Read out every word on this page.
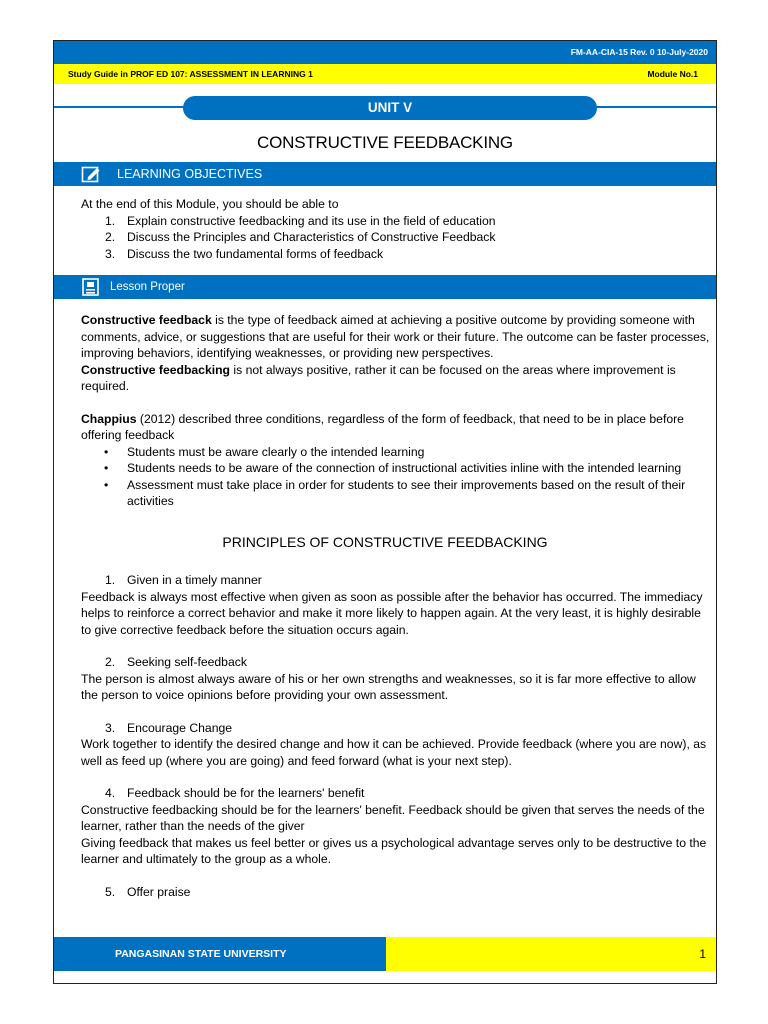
FM-AA-CIA-15 Rev. 0 10-July-2020
Study Guide in PROF ED 107: ASSESSMENT IN LEARNING 1	Module No.1
UNIT V
CONSTRUCTIVE FEEDBACKING
LEARNING OBJECTIVES

At the end of this Module, you should be able to

1. Explain constructive feedbacking and its use in the field of education
2. Discuss the Principles and Characteristics of Constructive Feedback
3. Discuss the two fundamental forms of feedback
Lesson Proper

Constructive feedback is the type of feedback aimed at achieving a positive outcome by providing someone with comments, advice, or suggestions that are useful for their work or their future. The outcome can be faster processes, improving behaviors, identifying weaknesses, or providing new perspectives.

Constructive feedbacking is not always positive, rather it can be focused on the areas where improvement is required.

Chappius (2012) described three conditions, regardless of the form of feedback, that need to be in place before offering feedback

• Students must be aware clearly o the intended learning
• Students needs to be aware of the connection of instructional activities inline with the intended learning
• Assessment must take place in order for students to see their improvements based on the result of their activities
PRINCIPLES OF CONSTRUCTIVE FEEDBACKING
1. Given in a timely manner

Feedback is always most effective when given as soon as possible after the behavior has occurred. The immediacy helps to reinforce a correct behavior and make it more likely to happen again. At the very least, it is highly desirable to give corrective feedback before the situation occurs again.

2. Seeking self-feedback

The person is almost always aware of his or her own strengths and weaknesses, so it is far more effective to allow the person to voice opinions before providing your own assessment.

3. Encourage Change

Work together to identify the desired change and how it can be achieved. Provide feedback (where you are now), as well as feed up (where you are going) and feed forward (what is your next step).

4. Feedback should be for the learners' benefit

Constructive feedbacking should be for the learners' benefit. Feedback should be given that serves the needs of the learner, rather than the needs of the giver

Giving feedback that makes us feel better or gives us a psychological advantage serves only to be destructive to the learner and ultimately to the group as a whole.

5. Offer praise
PANGASINAN STATE UNIVERSITY	1
